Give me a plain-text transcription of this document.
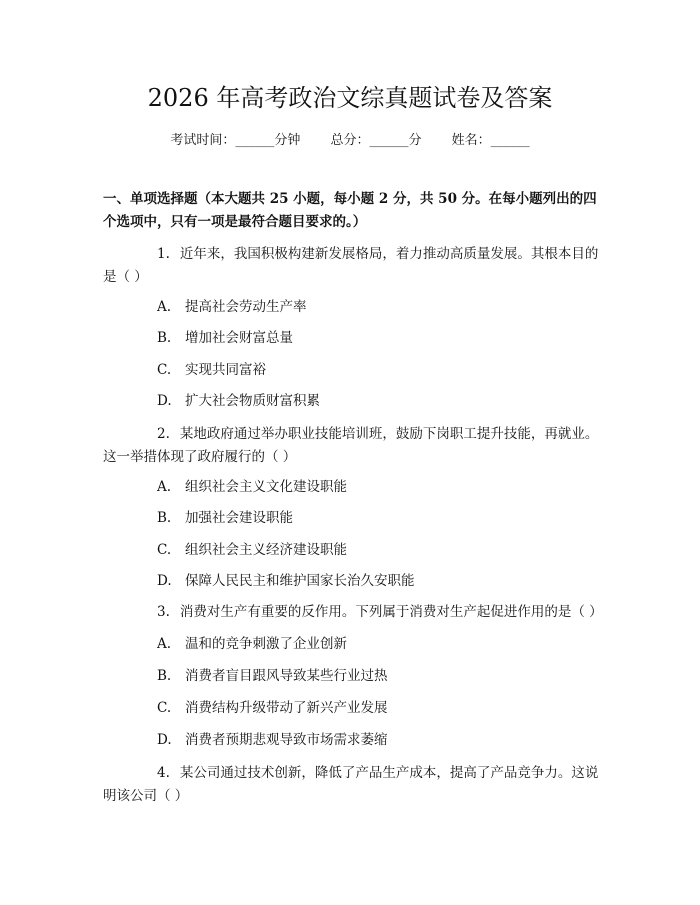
2026 年高考政治文综真题试卷及答案
考试时间：______分钟 总分：______分 姓名：______

一、单项选择题（本大题共 25 小题，每小题 2 分，共 50 分。在每小题列出的四个选项中，只有一项是最符合题目要求的。）

1. 近年来，我国积极构建新发展格局，着力推动高质量发展。其根本目的是（ ）

A. 提高社会劳动生产率
B. 增加社会财富总量
C. 实现共同富裕
D. 扩大社会物质财富积累

2. 某地政府通过举办职业技能培训班，鼓励下岗职工提升技能，再就业。这一举措体现了政府履行的（ ）

A. 组织社会主义文化建设职能
B. 加强社会建设职能
C. 组织社会主义经济建设职能
D. 保障人民民主和维护国家长治久安职能

3. 消费对生产有重要的反作用。下列属于消费对生产起促进作用的是（ ）

A. 温和的竞争刺激了企业创新
B. 消费者盲目跟风导致某些行业过热
C. 消费结构升级带动了新兴产业发展
D. 消费者预期悲观导致市场需求萎缩

4. 某公司通过技术创新，降低了产品生产成本，提高了产品竞争力。这说明该公司（ ）
